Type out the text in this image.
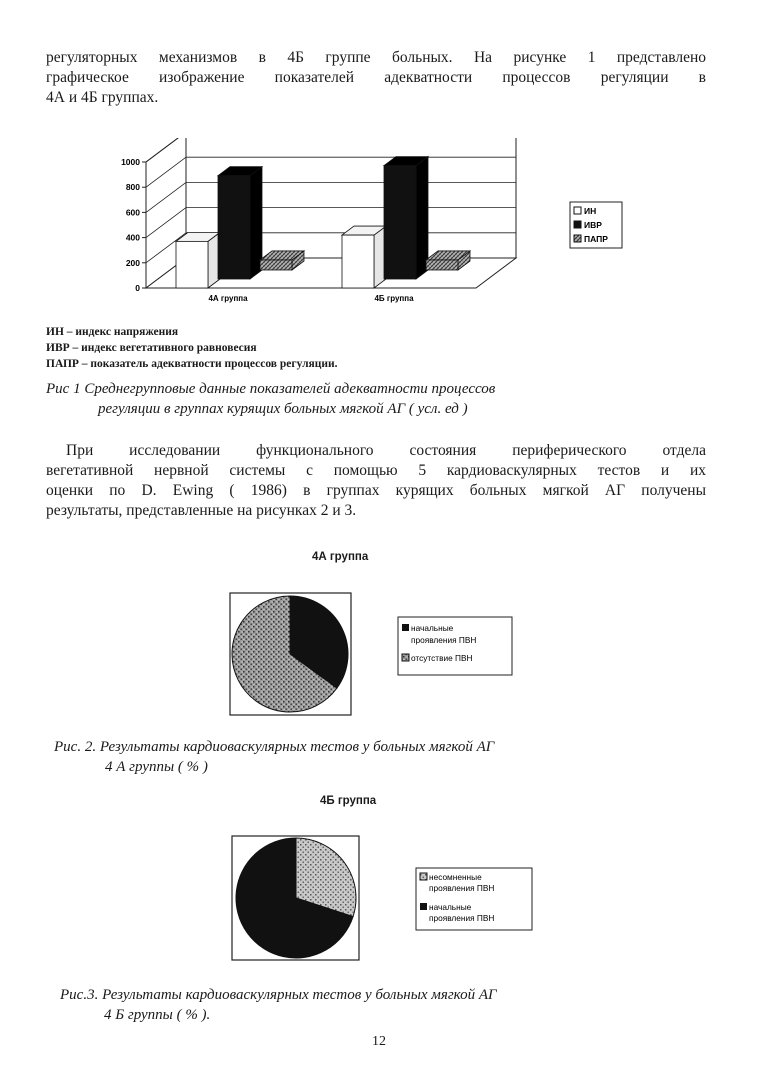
регуляторных механизмов в 4Б группе больных. На рисунке 1 представлено
графическое изображение показателей адекватности процессов регуляции в
4А и 4Б группах.
0
200
400
600
800
1000
4А группа	4Б группа
ИН
ИВР
ПАПР
ИН – индекс напряжения
ИВР – индекс вегетативного равновесия
ПАПР – показатель адекватности процессов регуляции.
Рис 1 Среднегрупповые данные показателей адекватности процессов
регуляции в группах курящих больных мягкой АГ ( усл. ед )
При исследовании функционального состояния периферического отдела
вегетативной нервной системы с помощью 5 кардиоваскулярных тестов и их
оценки по D. Ewing ( 1986) в группах курящих больных мягкой АГ получены
результаты, представленные на рисунках 2 и 3.
4А группа
начальные
проявления ПВН
отсутствие ПВН
Рис. 2. Результаты кардиоваскулярных тестов у больных мягкой АГ
4 А группы ( % )
4Б группа
несомненные
проявления ПВН
начальные
проявления ПВН
Рис.3. Результаты кардиоваскулярных тестов у больных мягкой АГ
4 Б группы ( % ).
12
